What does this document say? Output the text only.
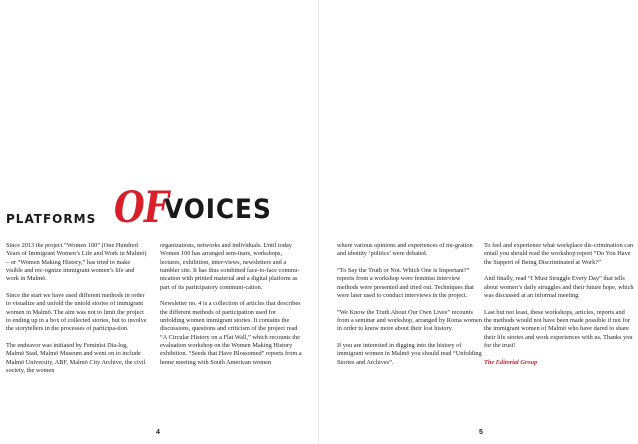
platforms OF
VOICES

Since 2013 the project “Women 100” (One Hundred Years of Immigrant Women’s Life and Work in Malmö) – or “Women Making History,” has tried to make visible and rec-ognize immigrant women’s life and work in Malmö.

Since the start we have used different methods in order to visualize and unfold the untold stories of immigrant women in Malmö. The aim was not to limit the project to ending up in a box of collected stories, but to involve the storytellers in the processes of participa-tion.

The endeavor was initiated by Feminist Dia-log, Malmö Stad, Malmö Museum and went on to include Malmö University, ABF, Malmö City Archive, the civil society, the women

organizations, networks and individuals. Until today Women 100 has arranged sem-inars, workshops, lectures, exhibition, inter-views, newsletters and a tumbler site. It has thus combined face-to-face commu-nication with printed material and a digital platform as part of its participatory communi-cation.

Newsletter no. 4 is a collection of articles that describes the different methods of participation used for unfolding women immigrant stories. It contains the discussions, questions and criticism of the project read “A Circular History on a Flat Wall,” which recounts the evaluation workshop on the Women Making History exhibition. “Seeds that Have Blossomed” reports from a home meeting with South American women

where various opinions and experiences of mi-gration and identity ‘politics’ were debated.

“To Say the Truth or Not. Which One is Important?” reports from a workshop were feminist interview methods were presented and tried out. Techniques that were later used to conduct interviews in the project.

“We Know the Truth About Our Own Lives” recounts from a seminar and workshop, arranged by Roma women in order to know more about their lost history.

If you are interested in digging into the history of immigrant women in Malmö you should read “Unfolding Stories and Archives”.

To feel and experience what workplace dis-crimination can entail you should read the workshop report “Do You Have the Support of Being Discriminated at Work?”

And finally, read “I Must Struggle Every Day” that tells about women’s daily struggles and their future hope, which was discussed at an informal meeting.

Last but not least, these workshops, articles, reports and the methods would not have been made possible if not for the immigrant women of Malmö who have dared to share their life stories and work experiences with us. Thanks you for the trust!

The Editorial Group

4	5
